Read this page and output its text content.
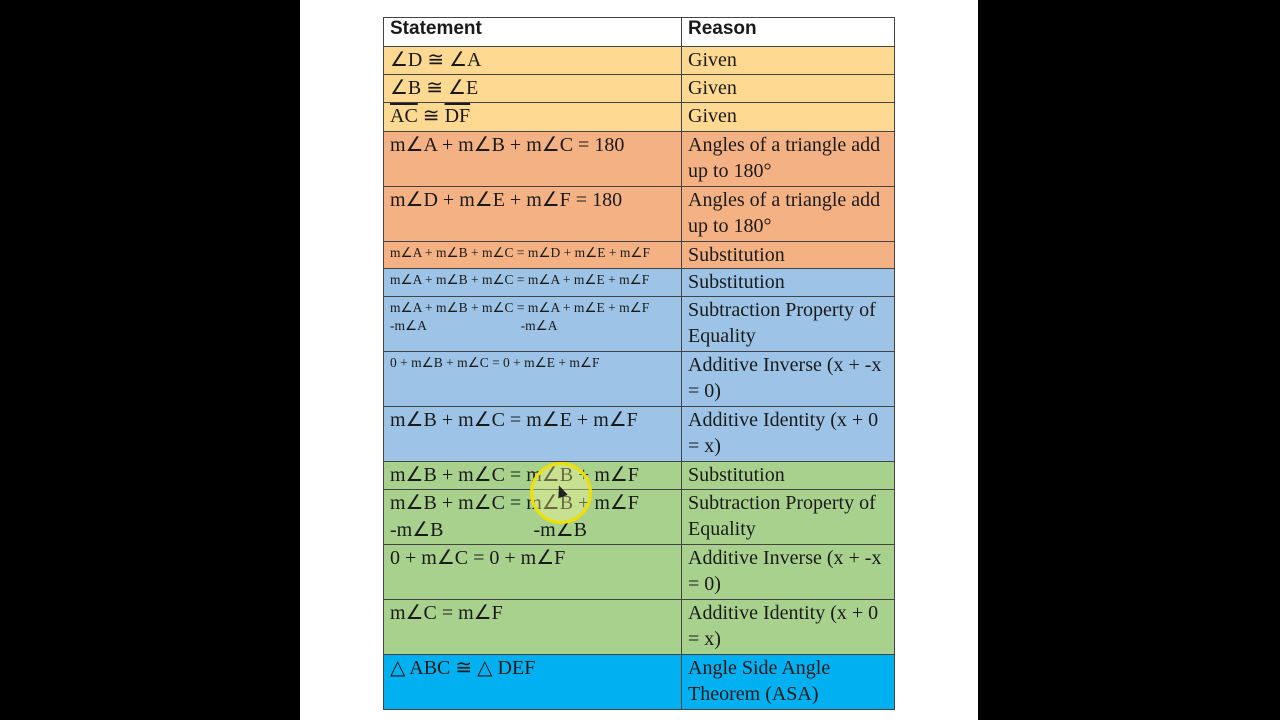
Statement	Reason
∠D ≅ ∠A	Given
∠B ≅ ∠E	Given
$\overline{AC}$ ≅ $\overline{DF}$	Given
m∠A + m∠B + m∠C = 180	Angles of a triangle add up to 180°
m∠D + m∠E + m∠F = 180	Angles of a triangle add up to 180°
m∠A + m∠B + m∠C = m∠D + m∠E + m∠F	Substitution
m∠A + m∠B + m∠C = m∠A + m∠E + m∠F	Substitution
m∠A + m∠B + m∠C = m∠A + m∠E + m∠F
-m∠A                            -m∠A	Subtraction Property of Equality
0 + m∠B + m∠C = 0 + m∠E + m∠F	Additive Inverse (x + -x = 0)
m∠B + m∠C = m∠E + m∠F	Additive Identity (x + 0 = x)
m∠B + m∠C = m∠B + m∠F	Substitution
m∠B + m∠C = m∠B + m∠F
-m∠B                  -m∠B	Subtraction Property of Equality
0 + m∠C = 0 + m∠F	Additive Inverse (x + -x = 0)
m∠C = m∠F	Additive Identity (x + 0 = x)
△ ABC ≅ △ DEF	Angle Side Angle Theorem (ASA)
